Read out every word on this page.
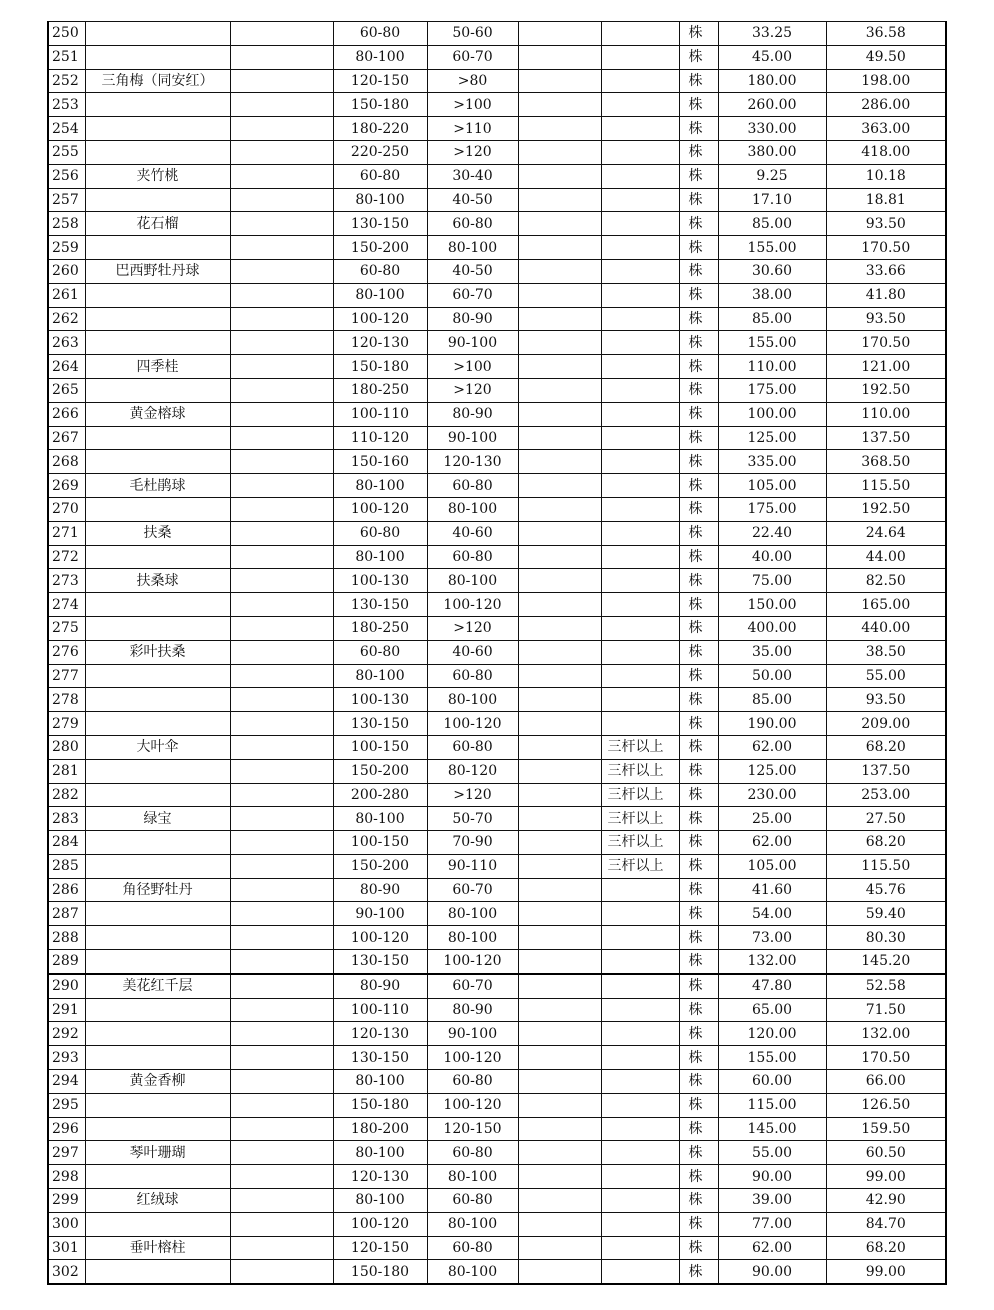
250			60-80	50-60			株	33.25	36.58
251			80-100	60-70			株	45.00	49.50
252	三角梅（同安红）		120-150	>80			株	180.00	198.00
253			150-180	>100			株	260.00	286.00
254			180-220	>110			株	330.00	363.00
255			220-250	>120			株	380.00	418.00
256	夹竹桃		60-80	30-40			株	9.25	10.18
257			80-100	40-50			株	17.10	18.81
258	花石榴		130-150	60-80			株	85.00	93.50
259			150-200	80-100			株	155.00	170.50
260	巴西野牡丹球		60-80	40-50			株	30.60	33.66
261			80-100	60-70			株	38.00	41.80
262			100-120	80-90			株	85.00	93.50
263			120-130	90-100			株	155.00	170.50
264	四季桂		150-180	>100			株	110.00	121.00
265			180-250	>120			株	175.00	192.50
266	黄金榕球		100-110	80-90			株	100.00	110.00
267			110-120	90-100			株	125.00	137.50
268			150-160	120-130			株	335.00	368.50
269	毛杜鹃球		80-100	60-80			株	105.00	115.50
270			100-120	80-100			株	175.00	192.50
271	扶桑		60-80	40-60			株	22.40	24.64
272			80-100	60-80			株	40.00	44.00
273	扶桑球		100-130	80-100			株	75.00	82.50
274			130-150	100-120			株	150.00	165.00
275			180-250	>120			株	400.00	440.00
276	彩叶扶桑		60-80	40-60			株	35.00	38.50
277			80-100	60-80			株	50.00	55.00
278			100-130	80-100			株	85.00	93.50
279			130-150	100-120			株	190.00	209.00
280	大叶伞		100-150	60-80		三杆以上	株	62.00	68.20
281			150-200	80-120		三杆以上	株	125.00	137.50
282			200-280	>120		三杆以上	株	230.00	253.00
283	绿宝		80-100	50-70		三杆以上	株	25.00	27.50
284			100-150	70-90		三杆以上	株	62.00	68.20
285			150-200	90-110		三杆以上	株	105.00	115.50
286	角径野牡丹		80-90	60-70			株	41.60	45.76
287			90-100	80-100			株	54.00	59.40
288			100-120	80-100			株	73.00	80.30
289			130-150	100-120			株	132.00	145.20
290	美花红千层		80-90	60-70			株	47.80	52.58
291			100-110	80-90			株	65.00	71.50
292			120-130	90-100			株	120.00	132.00
293			130-150	100-120			株	155.00	170.50
294	黄金香柳		80-100	60-80			株	60.00	66.00
295			150-180	100-120			株	115.00	126.50
296			180-200	120-150			株	145.00	159.50
297	琴叶珊瑚		80-100	60-80			株	55.00	60.50
298			120-130	80-100			株	90.00	99.00
299	红绒球		80-100	60-80			株	39.00	42.90
300			100-120	80-100			株	77.00	84.70
301	垂叶榕柱		120-150	60-80			株	62.00	68.20
302			150-180	80-100			株	90.00	99.00
